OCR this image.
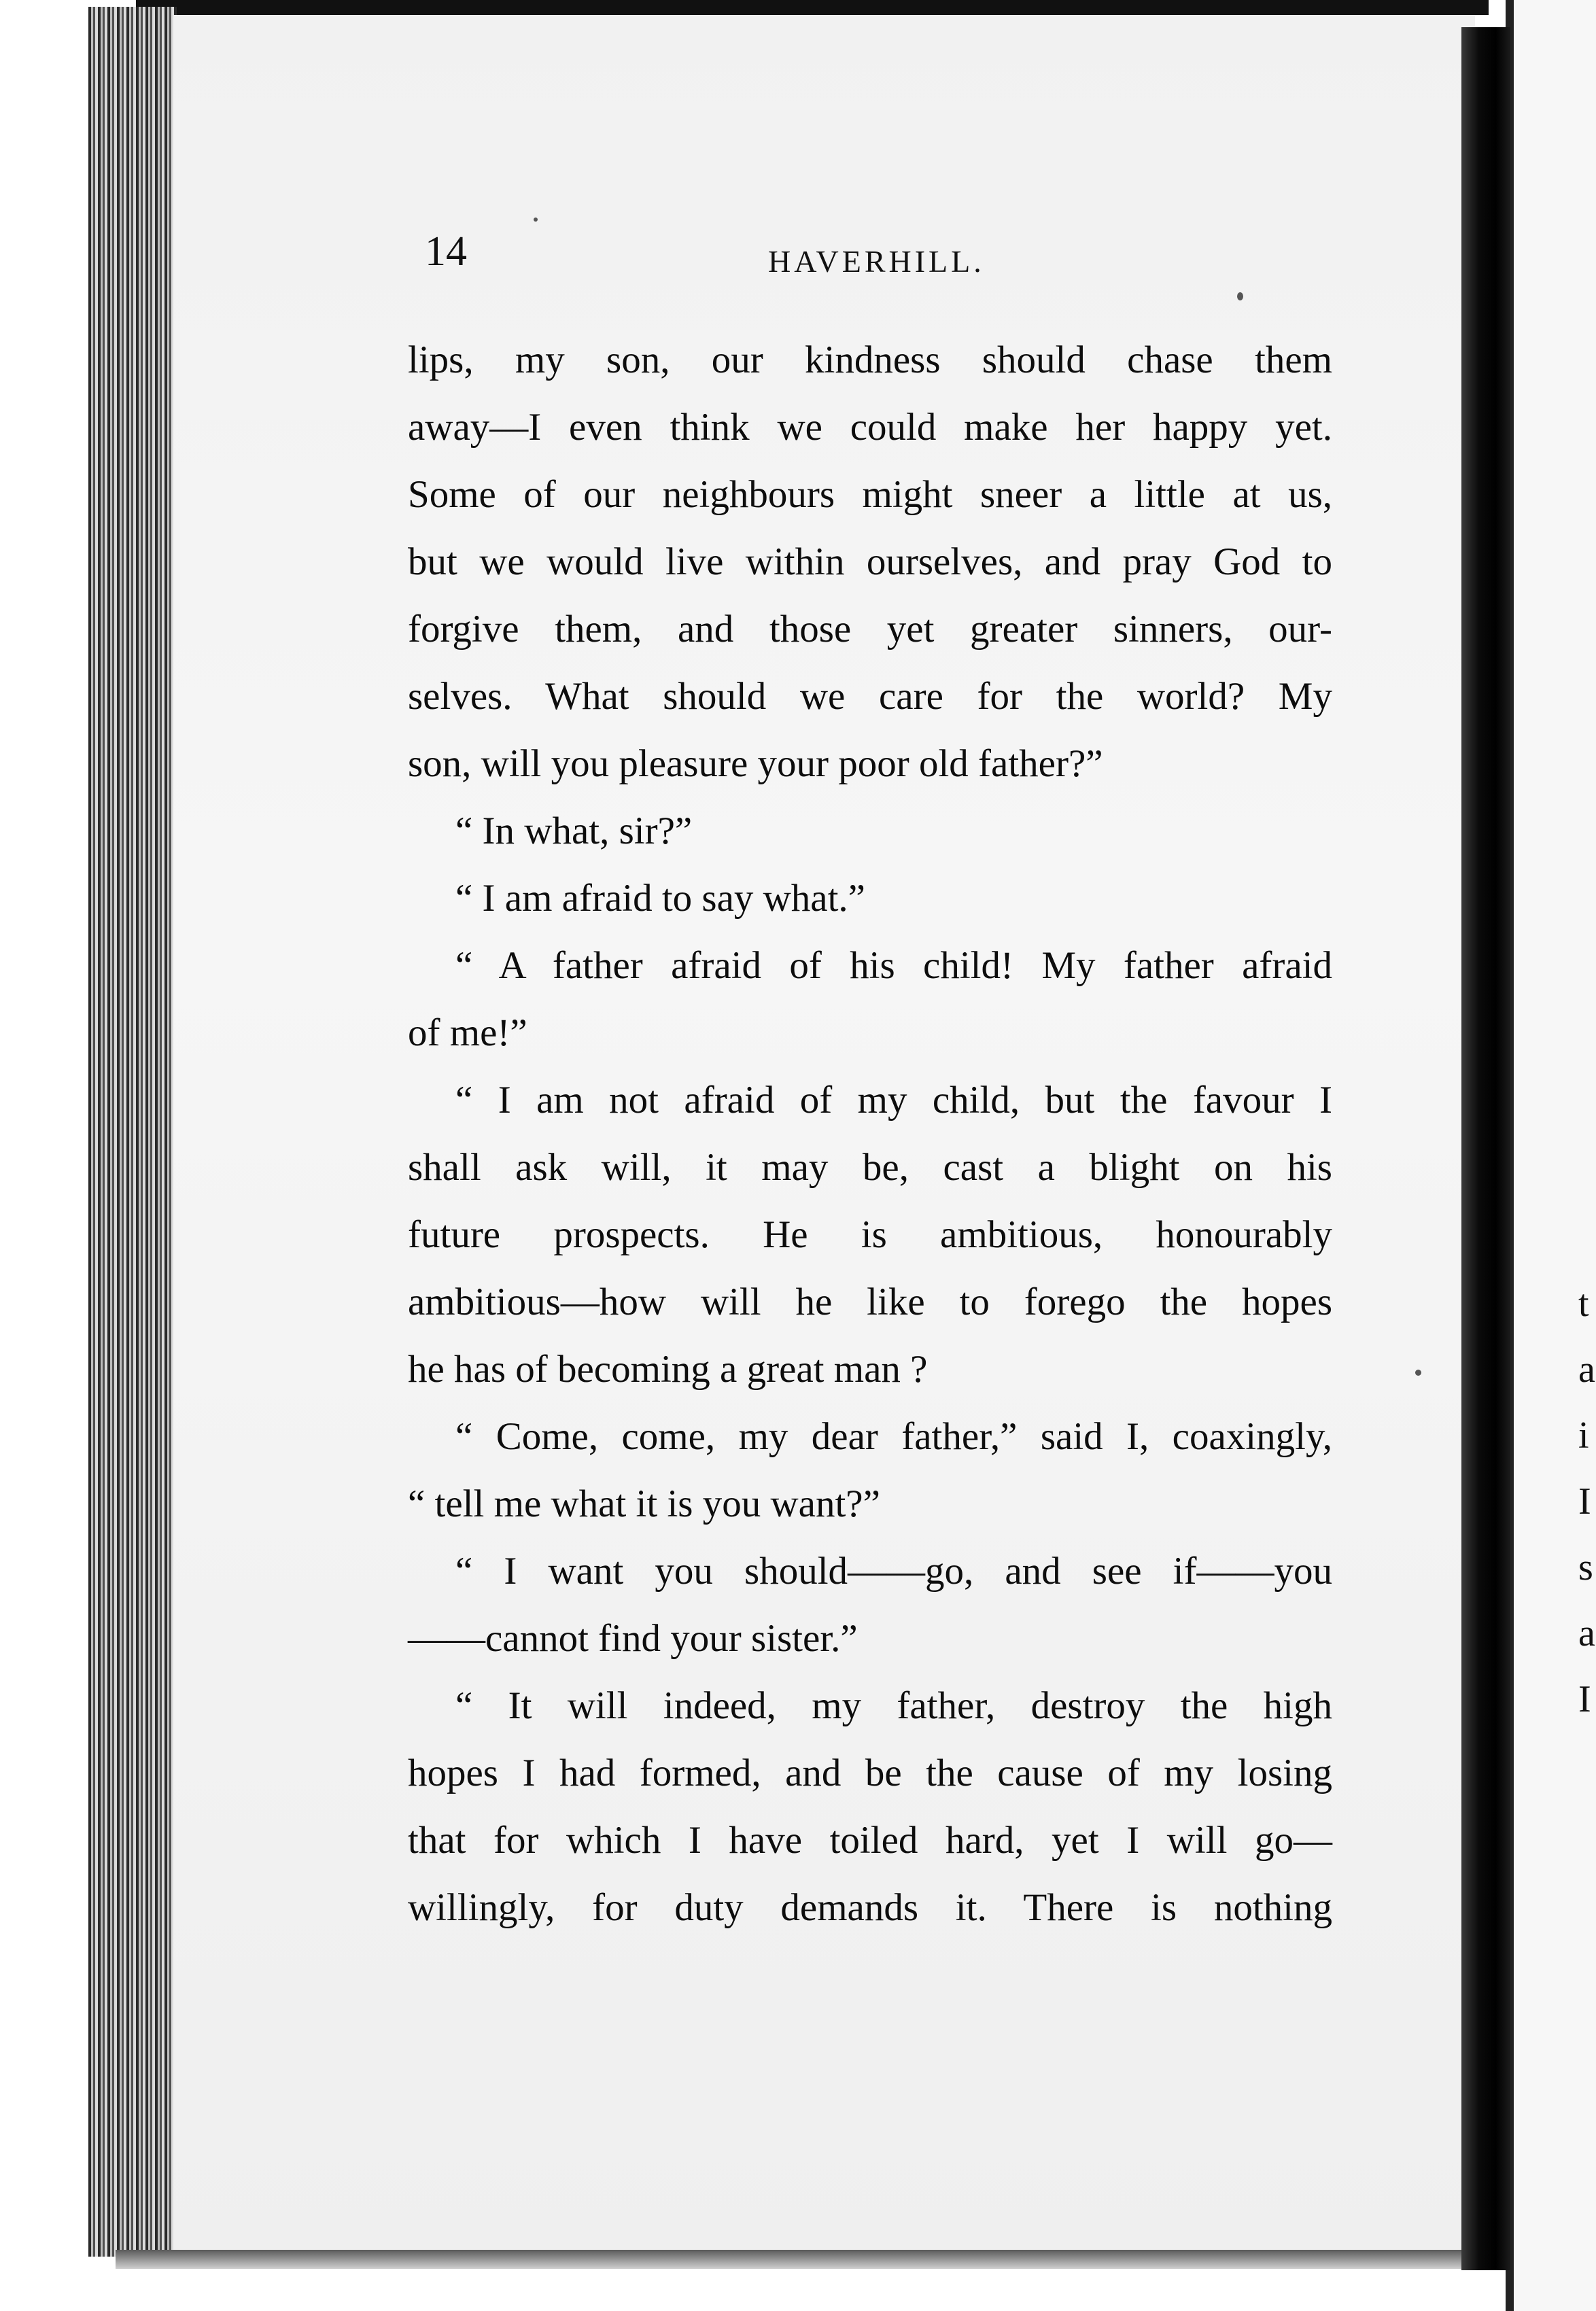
14	HAVERHILL.
lips, my son, our kindness should chase them
away—I even think we could make her happy yet.
Some of our neighbours might sneer a little at us,
but we would live within ourselves, and pray God to
forgive them, and those yet greater sinners, our-
selves. What should we care for the world? My
son, will you pleasure your poor old father?”
“ In what, sir?”
“ I am afraid to say what.”
“ A father afraid of his child! My father afraid
of me!”
“ I am not afraid of my child, but the favour I
shall ask will, it may be, cast a blight on his
future prospects. He is ambitious, honourably
ambitious—how will he like to forego the hopes
he has of becoming a great man ?
“ Come, come, my dear father,” said I, coaxingly,
“ tell me what it is you want?”
“ I want you should——go, and see if——you
——cannot find your sister.”
“ It will indeed, my father, destroy the high
hopes I had formed, and be the cause of my losing
that for which I have toiled hard, yet I will go—
willingly, for duty demands it. There is nothing
t
a
i
I
s
a
I
